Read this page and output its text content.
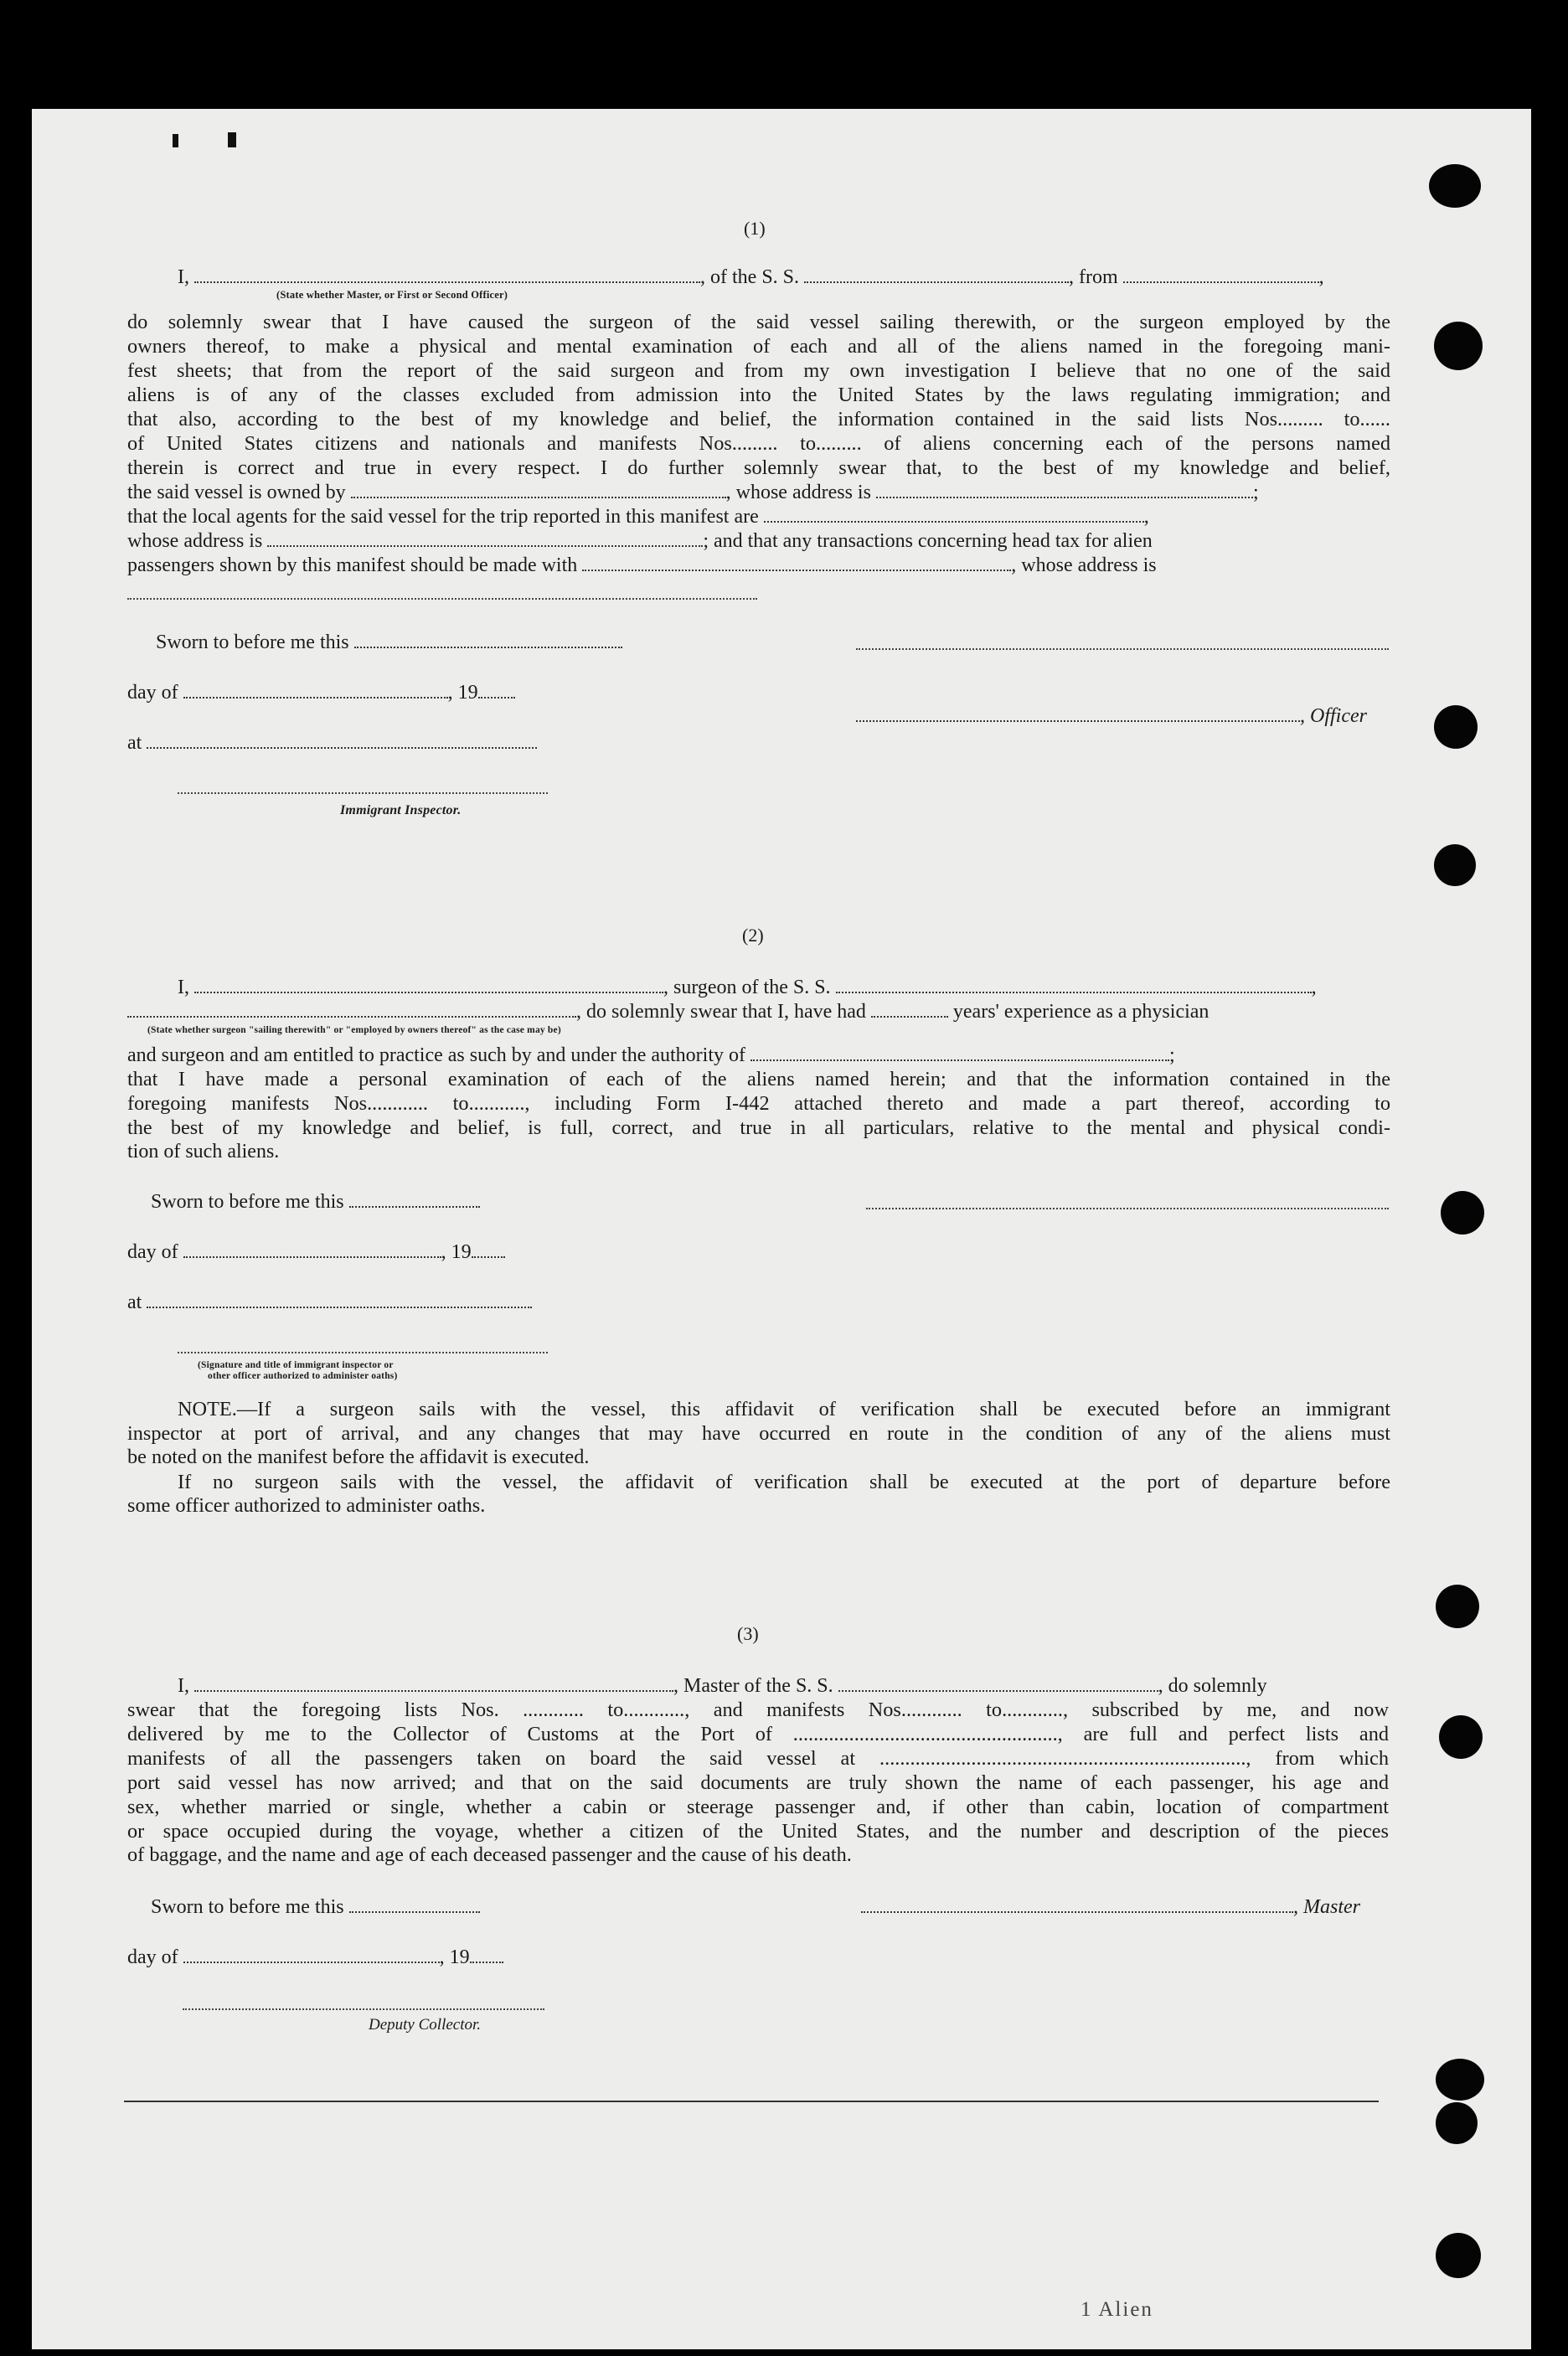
(1)
I,	, of the S. S.	, from	,
(State whether Master, or First or Second Officer)
do solemnly swear that I have caused the surgeon of the said vessel sailing therewith, or the surgeon employed by the
owners thereof, to make a physical and mental examination of each and all of the aliens named in the foregoing mani-
fest sheets; that from the report of the said surgeon and from my own investigation I believe that no one of the said
aliens is of any of the classes excluded from admission into the United States by the laws regulating immigration; and
that also, according to the best of my knowledge and belief, the information contained in the said lists Nos......... to......
of United States citizens and nationals and manifests Nos......... to......... of aliens concerning each of the persons named
therein is correct and true in every respect. I do further solemnly swear that, to the best of my knowledge and belief,
the said vessel is owned by	, whose address is	;
that the local agents for the said vessel for the trip reported in this manifest are	,
whose address is	; and that any transactions concerning head tax for alien
passengers shown by this manifest should be made with	, whose address is
Sworn to before me this
day of	, 19
, Officer
at
Immigrant Inspector.
(2)
I,	, surgeon of the S. S.	,
, do solemnly swear that I, have had	years' experience as a physician
(State whether surgeon "sailing therewith" or "employed by owners thereof" as the case may be)
and surgeon and am entitled to practice as such by and under the authority of	;
that I have made a personal examination of each of the aliens named herein; and that the information contained in the
foregoing manifests Nos............ to..........., including Form I-442 attached thereto and made a part thereof, according to
the best of my knowledge and belief, is full, correct, and true in all particulars, relative to the mental and physical condi-
tion of such aliens.
Sworn to before me this
day of	, 19
at
(Signature and title of immigrant inspector or
other officer authorized to administer oaths)
NOTE.—If a surgeon sails with the vessel, this affidavit of verification shall be executed before an immigrant
inspector at port of arrival, and any changes that may have occurred en route in the condition of any of the aliens must
be noted on the manifest before the affidavit is executed.
If no surgeon sails with the vessel, the affidavit of verification shall be executed at the port of departure before
some officer authorized to administer oaths.
(3)
I,	, Master of the S. S.	, do solemnly
swear that the foregoing lists Nos. ............ to............, and manifests Nos............ to............, subscribed by me, and now
delivered by me to the Collector of Customs at the Port of ...................................................., are full and perfect lists and
manifests of all the passengers taken on board the said vessel at ........................................................................, from which
port said vessel has now arrived; and that on the said documents are truly shown the name of each passenger, his age and
sex, whether married or single, whether a cabin or steerage passenger and, if other than cabin, location of compartment
or space occupied during the voyage, whether a citizen of the United States, and the number and description of the pieces
of baggage, and the name and age of each deceased passenger and the cause of his death.
Sworn to before me this	, Master
day of	, 19
Deputy Collector.
1 Alien
